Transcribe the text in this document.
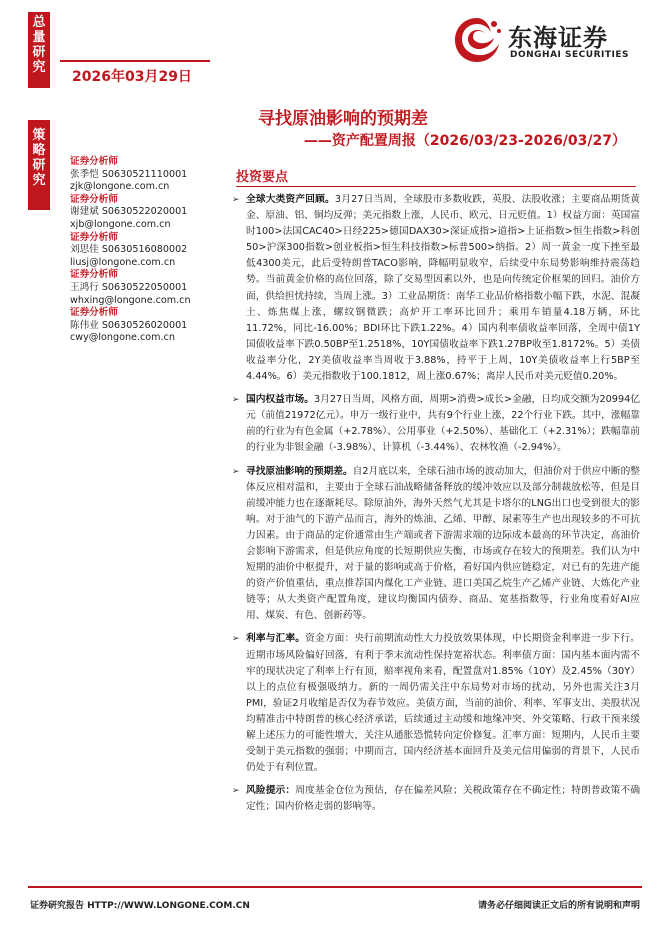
总量研究
策略研究
2026年03月29日
东海证券
DONGHAI SECURITIES
寻找原油影响的预期差
——资产配置周报（2026/03/23-2026/03/27）
证券分析师
张季恺 S0630521110001
zjk@longone.com.cn
证券分析师
谢建斌 S0630522020001
xjb@longone.com.cn
证券分析师
刘思佳 S0630516080002
liusj@longone.com.cn
证券分析师
王鸿行 S0630522050001
whxing@longone.com.cn
证券分析师
陈伟业 S0630526020001
cwy@longone.com.cn
投资要点
➢ 全球大类资产回顾。3月27日当周，全球股市多数收跌，英股、法股收涨；主要商品期货黄金、原油、铝、铜均反弹；美元指数上涨，人民币、欧元、日元贬值。1）权益方面：英国富时100>法国CAC40>日经225>德国DAX30>深证成指>道指>上证指数>恒生指数>科创50>沪深300指数>创业板指>恒生科技指数>标普500>纳指。2）周一黄金一度下挫至最低4300美元，此后受特朗普TACO影响，降幅明显收窄，后续受中东局势影响维持震荡趋势。当前黄金价格的高位回落，除了交易型因素以外，也是向传统定价框架的回归。油价方面，供给担忧持续，当周上涨。3）工业品期货：南华工业品价格指数小幅下跌，水泥、混凝土、炼焦煤上涨，螺纹钢微跌；高炉开工率环比回升；乘用车销量4.18万辆，环比11.72%，同比-16.00%；BDI环比下跌1.22%。4）国内利率债收益率回落，全周中债1Y国债收益率下跌0.50BP至1.2518%，10Y国债收益率下跌1.27BP收至1.8172%。5）美债收益率分化，2Y美债收益率当周收于3.88%，持平于上周，10Y美债收益率上行5BP至4.44%。6）美元指数收于100.1812，周上涨0.67%；离岸人民币对美元贬值0.20%。
➢ 国内权益市场。3月27日当周，风格方面，周期>消费>成长>金融，日均成交额为20994亿元（前值21972亿元）。申万一级行业中，共有9个行业上涨，22个行业下跌。其中，涨幅靠前的行业为有色金属（+2.78%）、公用事业（+2.50%）、基础化工（+2.31%）；跌幅靠前的行业为非银金融（-3.98%）、计算机（-3.44%）、农林牧渔（-2.94%）。
➢ 寻找原油影响的预期差。自2月底以来，全球石油市场的波动加大，但油价对于供应中断的整体反应相对温和，主要由于全球石油战略储备释放的缓冲效应以及部分制裁放松等，但是目前缓冲能力也在逐渐耗尽。除原油外，海外天然气尤其是卡塔尔的LNG出口也受到很大的影响。对于油气的下游产品而言，海外的炼油、乙烯、甲醇、尿素等生产也出现较多的不可抗力因素。由于商品的定价通常由生产端或者下游需求端的边际成本最高的环节决定，高油价会影响下游需求，但是供应角度的长短期供应失衡，市场或存在较大的预期差。我们认为中短期的油价中枢提升，对于量的影响或高于价格，看好国内供应链稳定，对已有的先进产能的资产价值重估，重点推荐国内煤化工产业链、进口美国乙烷生产乙烯产业链、大炼化产业链等；从大类资产配置角度，建议均衡国内债券、商品、宽基指数等，行业角度看好AI应用、煤炭、有色、创新药等。
➢ 利率与汇率。资金方面：央行前期流动性大力投放效果体现，中长期资金利率进一步下行。近期市场风险偏好回落，有利于季末流动性保持宽裕状态。利率债方面：国内基本面内需不牢的现状决定了利率上行有顶，赔率视角来看，配置盘对1.85%（10Y）及2.45%（30Y）以上的点位有极强吸纳力。新的一周仍需关注中东局势对市场的扰动，另外也需关注3月PMI，验证2月收缩是否仅为春节效应。美债方面，当前的油价、利率、军事支出、美股状况均精准击中特朗普的核心经济承诺，后续通过主动缓和地缘冲突、外交策略、行政干预来缓解上述压力的可能性增大，关注从通胀恐慌转向定价修复。汇率方面：短期内，人民币主要受制于美元指数的强弱；中期而言，国内经济基本面回升及美元信用偏弱的背景下，人民币仍处于有利位置。
➢ 风险提示：周度基金仓位为预估，存在偏差风险；关税政策存在不确定性；特朗普政策不确定性；国内价格走弱的影响等。
证券研究报告 HTTP://WWW.LONGONE.COM.CN	请务必仔细阅读正文后的所有说明和声明
